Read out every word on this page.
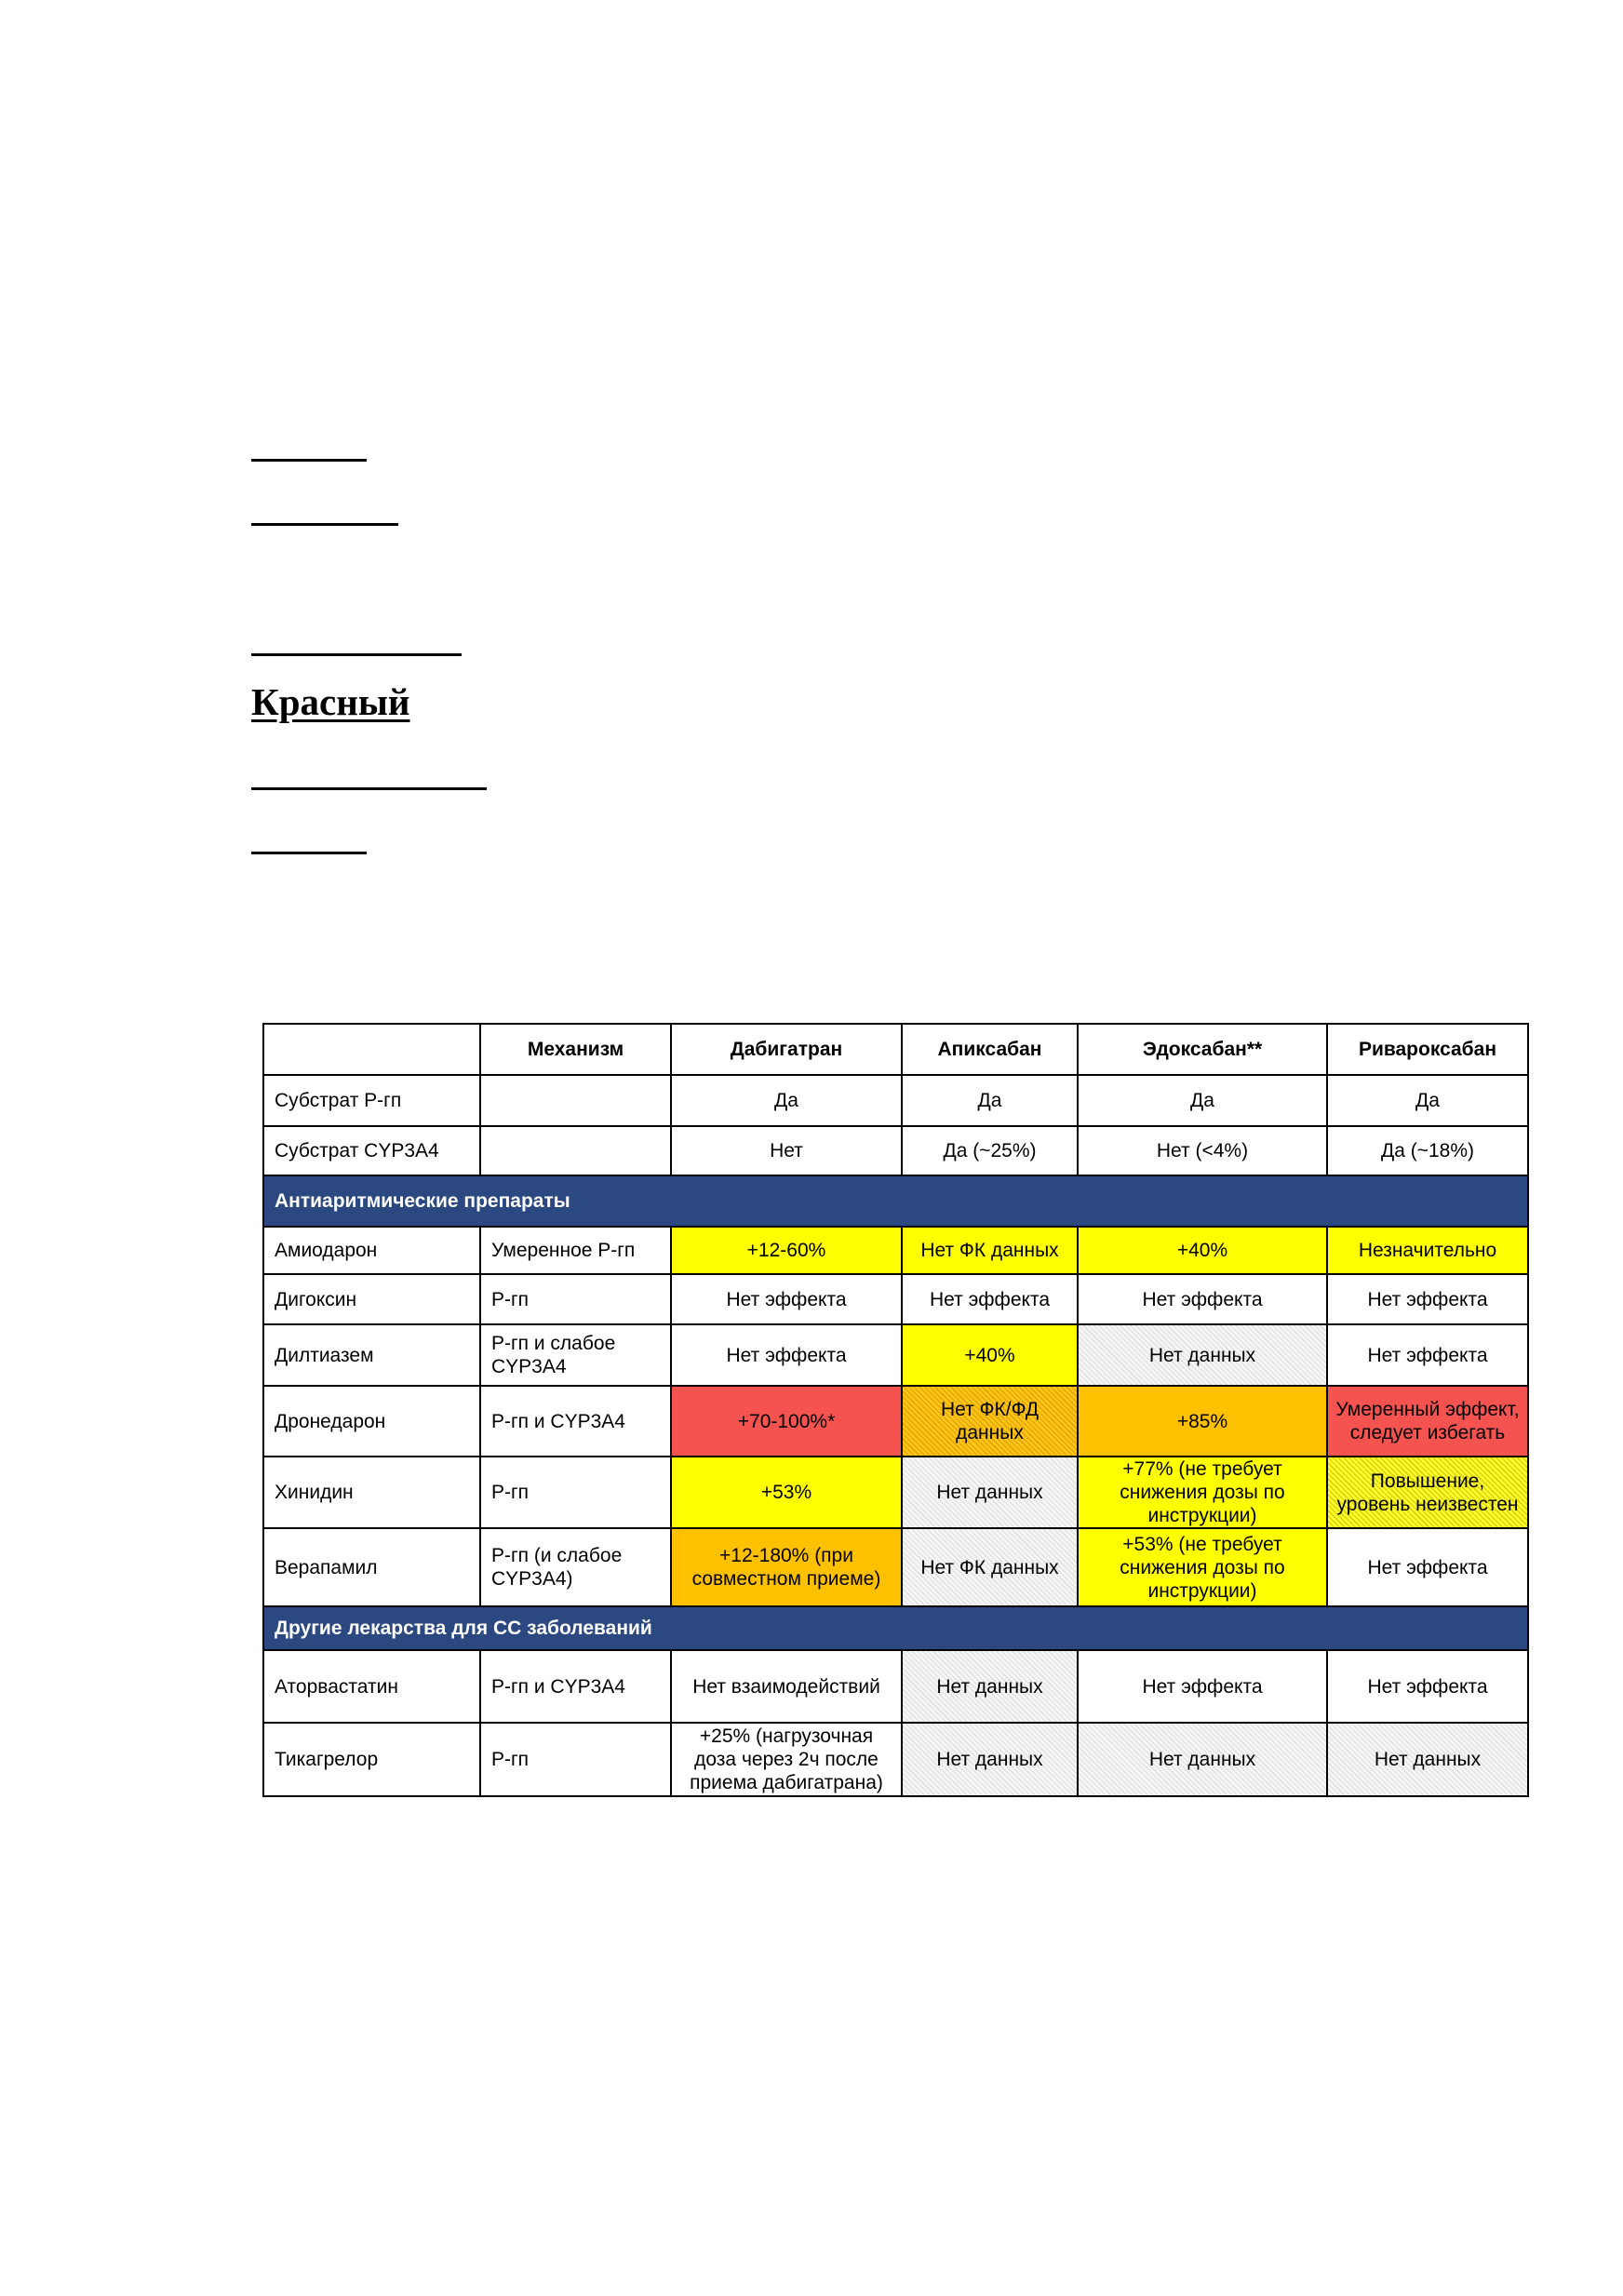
Красный
	Механизм	Дабигатран	Апиксабан	Эдоксабан**	Ривароксабан
Субстрат Р-гп		Да	Да	Да	Да
Субстрат CYP3A4		Нет	Да (~25%)	Нет (<4%)	Да (~18%)
Антиаритмические препараты					
Амиодарон	Умеренное Р-гп	+12-60%	Нет ФК данных	+40%	Незначительно
Дигоксин	Р-гп	Нет эффекта	Нет эффекта	Нет эффекта	Нет эффекта
Дилтиазем	Р-гп и слабое CYP3A4	Нет эффекта	+40%	Нет данных	Нет эффекта
Дронедарон	Р-гп и CYP3A4	+70-100%*	Нет ФК/ФД данных	+85%	Умеренный эффект, следует избегать
Хинидин	Р-гп	+53%	Нет данных	+77% (не требует снижения дозы по инструкции)	Повышение, уровень неизвестен
Верапамил	Р-гп (и слабое CYP3A4)	+12-180% (при совместном приеме)	Нет ФК данных	+53% (не требует снижения дозы по инструкции)	Нет эффекта
Другие лекарства для СС заболеваний					
Аторвастатин	Р-гп и CYP3A4	Нет взаимодействий	Нет данных	Нет эффекта	Нет эффекта
Тикагрелор	Р-гп	+25% (нагрузочная доза через 2ч после приема дабигатрана)	Нет данных	Нет данных	Нет данных
